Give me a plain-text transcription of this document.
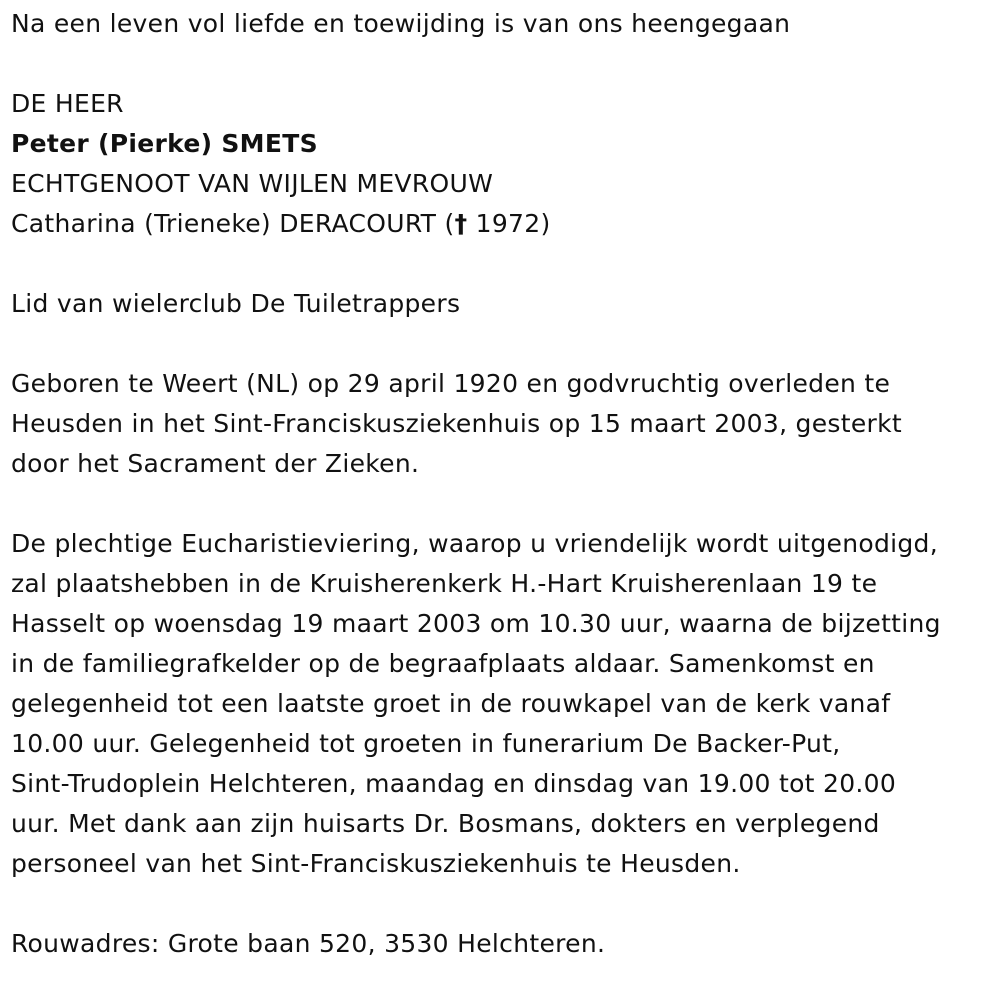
Na een leven vol liefde en toewijding is van ons heengegaan

DE HEER

Peter (Pierke) SMETS

ECHTGENOOT VAN WIJLEN MEVROUW

Catharina (Trieneke) DERACOURT († 1972)

Lid van wielerclub De Tuiletrappers

Geboren te Weert (NL) op 29 april 1920 en godvruchtig overleden te

Heusden in het Sint-Franciskusziekenhuis op 15 maart 2003, gesterkt

door het Sacrament der Zieken.

De plechtige Eucharistieviering, waarop u vriendelijk wordt uitgenodigd,

zal plaatshebben in de Kruisherenkerk H.-Hart Kruisherenlaan 19 te

Hasselt op woensdag 19 maart 2003 om 10.30 uur, waarna de bijzetting

in de familiegrafkelder op de begraafplaats aldaar. Samenkomst en

gelegenheid tot een laatste groet in de rouwkapel van de kerk vanaf

10.00 uur. Gelegenheid tot groeten in funerarium De Backer-Put,

Sint-Trudoplein Helchteren, maandag en dinsdag van 19.00 tot 20.00

uur. Met dank aan zijn huisarts Dr. Bosmans, dokters en verplegend

personeel van het Sint-Franciskusziekenhuis te Heusden.

Rouwadres: Grote baan 520, 3530 Helchteren.
